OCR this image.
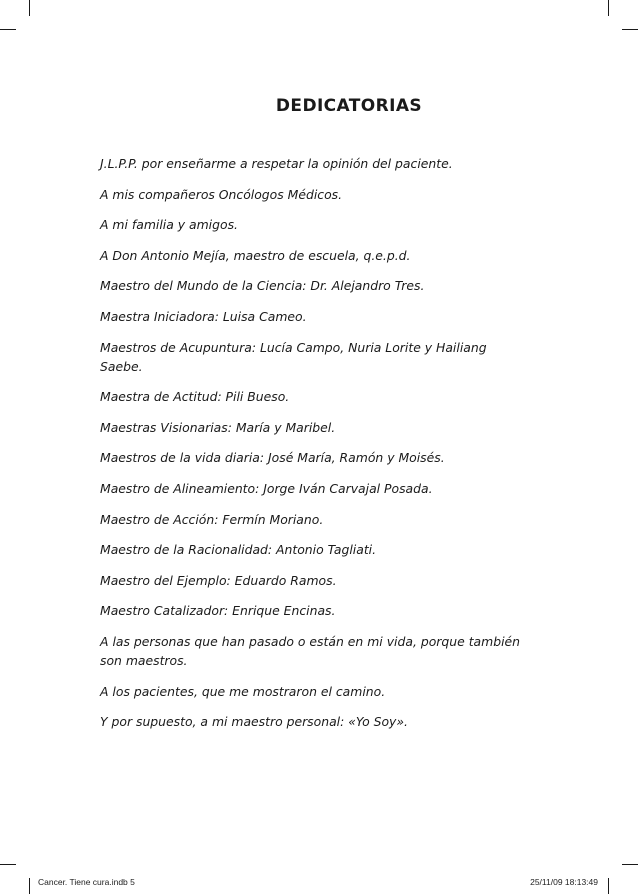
DEDICATORIAS
J.L.P.P. por enseñarme a respetar la opinión del paciente.
A mis compañeros Oncólogos Médicos.
A mi familia y amigos.
A Don Antonio Mejía, maestro de escuela, q.e.p.d.
Maestro del Mundo de la Ciencia: Dr. Alejandro Tres.
Maestra Iniciadora: Luisa Cameo.
Maestros de Acupuntura: Lucía Campo, Nuria Lorite y Hailiang Saebe.
Maestra de Actitud: Pili Bueso.
Maestras Visionarias: María y Maribel.
Maestros de la vida diaria: José María, Ramón y Moisés.
Maestro de Alineamiento: Jorge Iván Carvajal Posada.
Maestro de Acción: Fermín Moriano.
Maestro de la Racionalidad: Antonio Tagliati.
Maestro del Ejemplo: Eduardo Ramos.
Maestro Catalizador: Enrique Encinas.
A las personas que han pasado o están en mi vida, porque también son maestros.
A los pacientes, que me mostraron el camino.
Y por supuesto, a mi maestro personal: «Yo Soy».
Cancer. Tiene cura.indb 5	25/11/09 18:13:49
